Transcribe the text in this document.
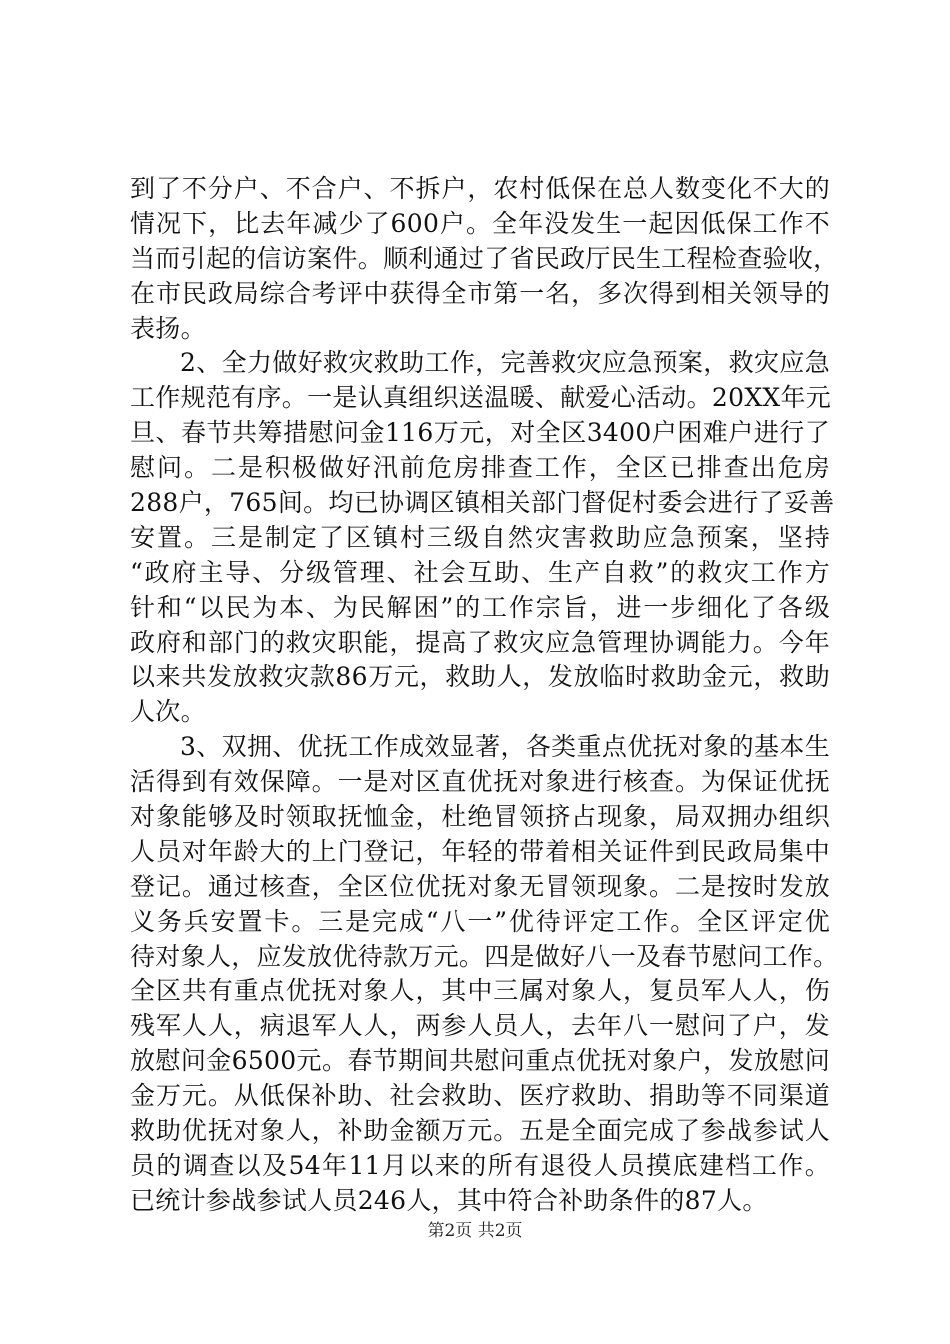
到了不分户、不合户、不拆户，农村低保在总人数变化不大的
情况下，比去年减少了600户。全年没发生一起因低保工作不
当而引起的信访案件。顺利通过了省民政厅民生工程检查验收，
在市民政局综合考评中获得全市第一名，多次得到相关领导的
表扬。
2、全力做好救灾救助工作，完善救灾应急预案，救灾应急
工作规范有序。一是认真组织送温暖、献爱心活动。20XX年元
旦、春节共筹措慰问金116万元，对全区3400户困难户进行了
慰问。二是积极做好汛前危房排查工作，全区已排查出危房
288户，765间。均已协调区镇相关部门督促村委会进行了妥善
安置。三是制定了区镇村三级自然灾害救助应急预案，坚持
“政府主导、分级管理、社会互助、生产自救”的救灾工作方
针和“以民为本、为民解困”的工作宗旨，进一步细化了各级
政府和部门的救灾职能，提高了救灾应急管理协调能力。今年
以来共发放救灾款86万元，救助人，发放临时救助金元，救助
人次。
3、双拥、优抚工作成效显著，各类重点优抚对象的基本生
活得到有效保障。一是对区直优抚对象进行核查。为保证优抚
对象能够及时领取抚恤金，杜绝冒领挤占现象，局双拥办组织
人员对年龄大的上门登记，年轻的带着相关证件到民政局集中
登记。通过核查，全区位优抚对象无冒领现象。二是按时发放
义务兵安置卡。三是完成“八一”优待评定工作。全区评定优
待对象人，应发放优待款万元。四是做好八一及春节慰问工作。
全区共有重点优抚对象人，其中三属对象人，复员军人人，伤
残军人人，病退军人人，两参人员人，去年八一慰问了户，发
放慰问金6500元。春节期间共慰问重点优抚对象户，发放慰问
金万元。从低保补助、社会救助、医疗救助、捐助等不同渠道
救助优抚对象人，补助金额万元。五是全面完成了参战参试人
员的调查以及54年11月以来的所有退役人员摸底建档工作。
已统计参战参试人员246人，其中符合补助条件的87人。
第2页 共2页
